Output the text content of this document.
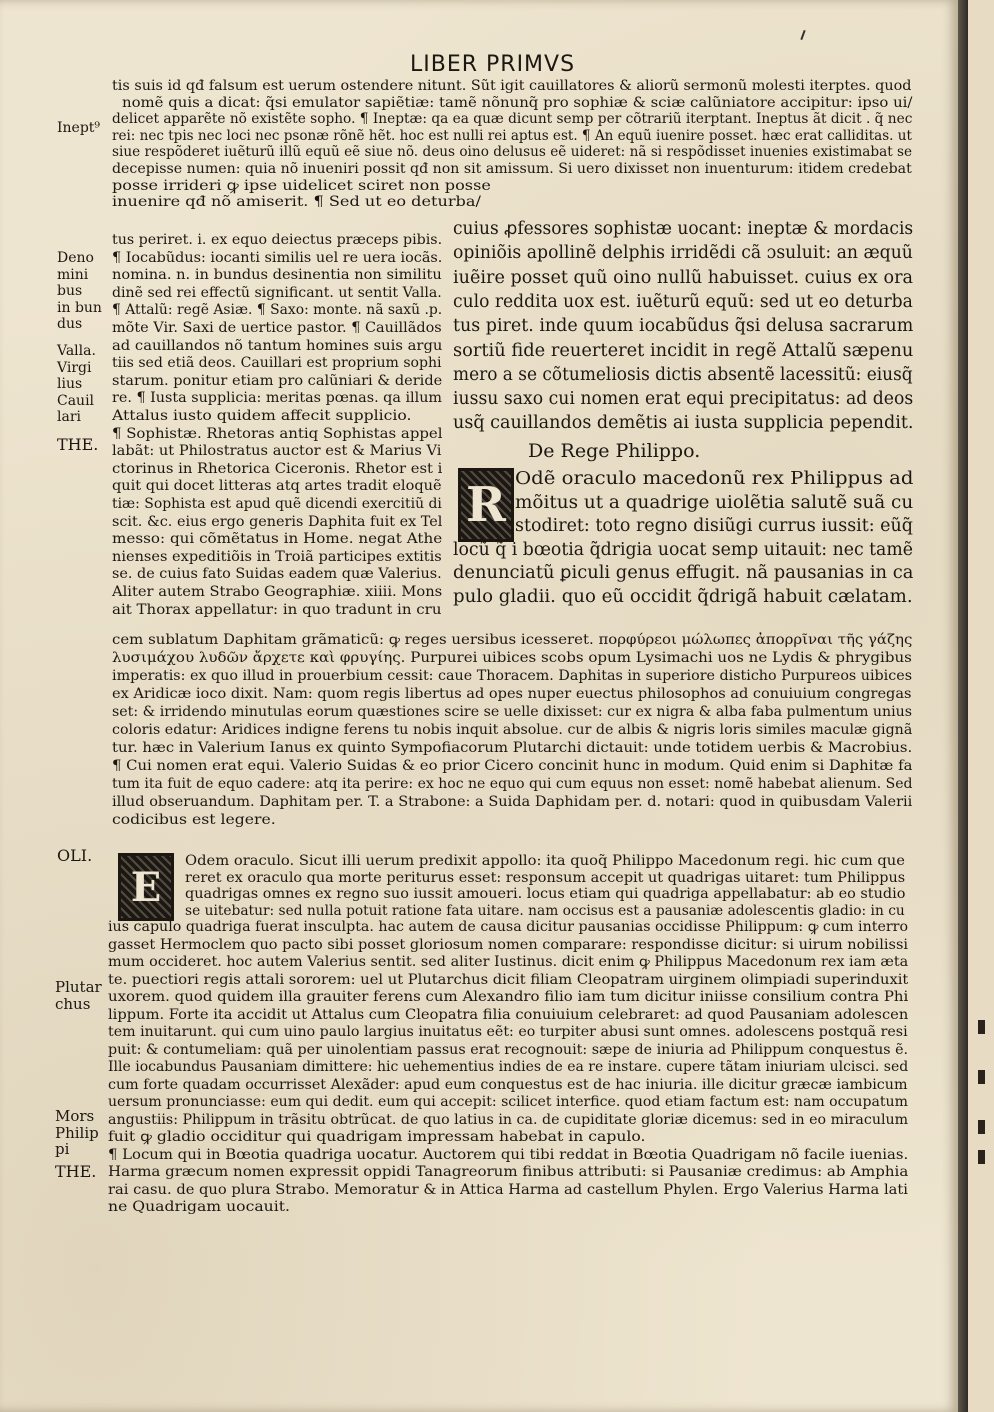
LIBER PRIMVS
tis suis id qđ falsum est uerum ostendere nitunt. Sũt igit cauillatores & aliorũ sermonũ molesti iterptes. quod
nomẽ quis a dicat: q̃si emulator sapiẽtiæ: tamẽ nõnunq̃ pro sophiæ & sciæ calũniatore accipitur: ipso ui/
delicet apparẽte nõ existẽte sopho. ¶ Ineptæ: qa ea quæ dicunt semp per cõtrariũ iterptant. Ineptus ãt dicit . q̃ nec
rei: nec tpis nec loci nec psonæ rõnẽ hẽt. hoc est nulli rei aptus est. ¶ An equũ iuenire posset. hæc erat calliditas. ut
siue respõderet iuẽturũ illũ equũ eẽ siue nõ. deus oino delusus eẽ uideret: nã si respõdisset inuenies existimabat se
decepisse numen: quia nõ inueniri possit qđ non sit amissum. Si uero dixisset non inuenturum: itidem credebat
posse irrideri ꝙ ipse uidelicet sciret non posse
inuenire qđ nõ amiserit. ¶ Sed ut eo deturba/
tus periret. i. ex equo deiectus præceps pibis.
¶ Iocabũdus: iocanti similis uel re uera iocãs.
nomina. n. in bundus desinentia non similitu
dinẽ sed rei effectũ significant. ut sentit Valla.
¶ Attalũ: regẽ Asiæ. ¶ Saxo: monte. nã saxũ .p.
mõte Vir. Saxi de uertice pastor. ¶ Cauillãdos
ad cauillandos nõ tantum homines suis argu
tiis sed etiã deos. Cauillari est proprium sophi
starum. ponitur etiam pro calũniari & deride
re. ¶ Iusta supplicia: meritas pœnas. qa illum
Attalus iusto quidem affecit supplicio.
¶ Sophistæ. Rhetoras antiq Sophistas appel
labãt: ut Philostratus auctor est & Marius Vi
ctorinus in Rhetorica Ciceronis. Rhetor est i
quit qui docet litteras atq artes tradit eloquẽ
tiæ: Sophista est apud quẽ dicendi exercitiũ di
scit. &c. eius ergo generis Daphita fuit ex Tel
messo: qui cõmẽtatus in Home. negat Athe
nienses expeditiõis in Troiã participes extitis
se. de cuius fato Suidas eadem quæ Valerius.
Aliter autem Strabo Geographiæ. xiiii. Mons
ait Thorax appellatur: in quo tradunt in cru
cuius ꝓfessores sophistæ uocant: ineptæ & mordacis
opiniõis apollinẽ delphis irridẽdi cã ɔsuluit: an æquũ
iuẽire posset quũ oino nullũ habuisset. cuius ex ora
culo reddita uox est. iuẽturũ equũ: sed ut eo deturba
tus piret. inde quum iocabũdus q̃si delusa sacrarum
sortiũ fide reuerteret incidit in regẽ Attalũ sæpenu
mero a se cõtumeliosis dictis absentẽ lacessitũ: eiusq̃
iussu saxo cui nomen erat equi precipitatus: ad deos
usq̃ cauillandos demẽtis ai iusta supplicia pependit.
De Rege Philippo.
R Odẽ oraculo macedonũ rex Philippus ad
mõitus ut a quadrige uiolẽtia salutẽ suã cu
stodiret: toto regno disiũgi currus iussit: eũq̃
locũ q̃ i bœotia q̃drigia uocat semp uitauit: nec tamẽ
denunciatũ ꝑiculi genus effugit. nã pausanias in ca
pulo gladii. quo eũ occidit q̃drigã habuit cælatam.
cem sublatum Daphitam grãmaticũ: ꝙ reges uersibus icesseret. πορφύρεοι μώλωπες ἀπορρῖναι τῆς γάζης
λυσιμάχου λυδῶν ἄρχετε καὶ φρυγίης. Purpurei uibices scobs opum Lysimachi uos ne Lydis & phrygibus
imperatis: ex quo illud in prouerbium cessit: caue Thoracem. Daphitas in superiore disticho Purpureos uibices
ex Aridicæ ioco dixit. Nam: quom regis libertus ad opes nuper euectus philosophos ad conuiuium congregas
set: & irridendo minutulas eorum quæstiones scire se uelle dixisset: cur ex nigra & alba faba pulmentum unius
coloris edatur: Aridices indigne ferens tu nobis inquit absolue. cur de albis & nigris loris similes maculæ gignã
tur. hæc in Valerium Ianus ex quinto Sympofiacorum Plutarchi dictauit: unde totidem uerbis & Macrobius.
¶ Cui nomen erat equi. Valerio Suidas & eo prior Cicero concinit hunc in modum. Quid enim si Daphitæ fa
tum ita fuit de equo cadere: atq ita perire: ex hoc ne equo qui cum equus non esset: nomẽ habebat alienum. Sed
illud obseruandum. Daphitam per. T. a Strabone: a Suida Daphidam per. d. notari: quod in quibusdam Valerii
codicibus est legere.
E
Odem oraculo. Sicut illi uerum predixit appollo: ita quoq̃ Philippo Macedonum regi. hic cum que
reret ex oraculo qua morte periturus esset: responsum accepit ut quadrigas uitaret: tum Philippus
quadrigas omnes ex regno suo iussit amoueri. locus etiam qui quadriga appellabatur: ab eo studio
se uitebatur: sed nulla potuit ratione fata uitare. nam occisus est a pausaniæ adolescentis gladio: in cu
ius capulo quadriga fuerat insculpta. hac autem de causa dicitur pausanias occidisse Philippum: ꝙ cum interro
gasset Hermoclem quo pacto sibi posset gloriosum nomen comparare: respondisse dicitur: si uirum nobilissi
mum occideret. hoc autem Valerius sentit. sed aliter Iustinus. dicit enim ꝙ Philippus Macedonum rex iam æta
te. puectiori regis attali sororem: uel ut Plutarchus dicit filiam Cleopatram uirginem olimpiadi superinduxit
uxorem. quod quidem illa grauiter ferens cum Alexandro filio iam tum dicitur iniisse consilium contra Phi
lippum. Forte ita accidit ut Attalus cum Cleopatra filia conuiuium celebraret: ad quod Pausaniam adolescen
tem inuitarunt. qui cum uino paulo largius inuitatus eẽt: eo turpiter abusi sunt omnes. adolescens postquã resi
puit: & contumeliam: quã per uinolentiam passus erat recognouit: sæpe de iniuria ad Philippum conquestus ẽ.
Ille iocabundus Pausaniam dimittere: hic uehementius indies de ea re instare. cupere tãtam iniuriam ulcisci. sed
cum forte quadam occurrisset Alexãder: apud eum conquestus est de hac iniuria. ille dicitur græcæ iambicum
uersum pronunciasse: eum qui dedit. eum qui accepit: scilicet interfice. quod etiam factum est: nam occupatum
angustiis: Philippum in trãsitu obtrũcat. de quo latius in ca. de cupiditate gloriæ dicemus: sed in eo miraculum
fuit ꝙ gladio occiditur qui quadrigam impressam habebat in capulo.
¶ Locum qui in Bœotia quadriga uocatur. Auctorem qui tibi reddat in Bœotia Quadrigam nõ facile iuenias.
Harma græcum nomen expressit oppidi Tanagreorum finibus attributi: si Pausaniæ credimus: ab Amphia
rai casu. de quo plura Strabo. Memoratur & in Attica Harma ad castellum Phylen. Ergo Valerius Harma lati
ne Quadrigam uocauit.
Inept⁹
Deno
mini
bus
in bun
dus
Valla.
Virgi
lius
Cauil
lari
THE.
OLI.
Plutar
chus
Mors
Philip
pi
THE.
